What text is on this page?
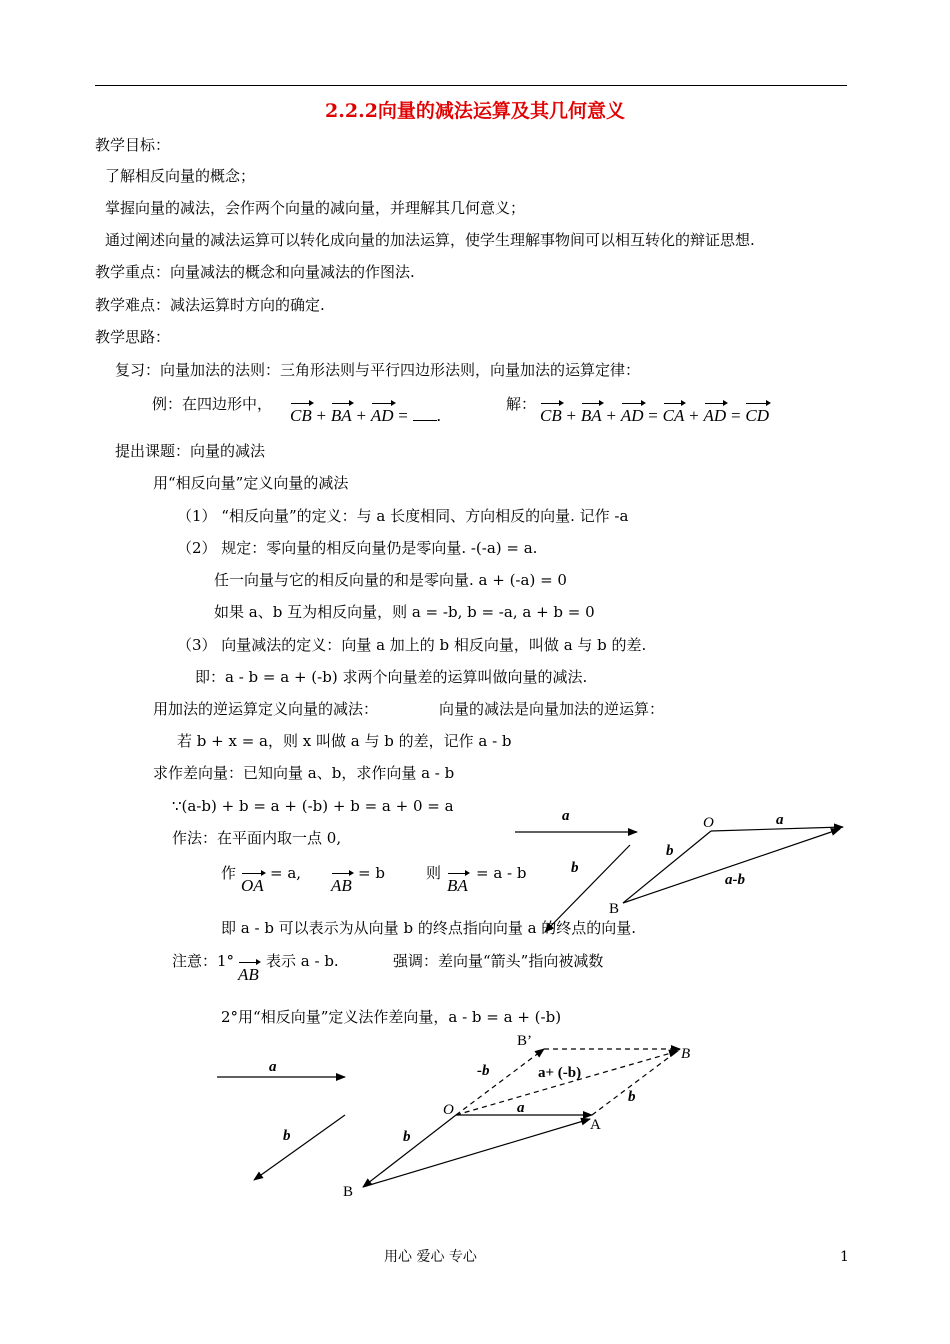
2.2.2向量的减法运算及其几何意义
教学目标：
了解相反向量的概念；
掌握向量的减法，会作两个向量的减向量，并理解其几何意义；
通过阐述向量的减法运算可以转化成向量的加法运算，使学生理解事物间可以相互转化的辩证思想.
教学重点：向量减法的概念和向量减法的作图法.
教学难点：减法运算时方向的确定.
教学思路：
复习：向量加法的法则：三角形法则与平行四边形法则，向量加法的运算定律：
例：在四边形中，
CB + BA + AD = .
解：
CB + BA + AD = CA + AD = CD
提出课题：向量的减法
用“相反向量”定义向量的减法
（1） “相反向量”的定义：与 a 长度相同、方向相反的向量. 记作 -a
（2） 规定：零向量的相反向量仍是零向量. -(-a) = a.
任一向量与它的相反向量的和是零向量. a + (-a) = 0
如果 a、b 互为相反向量，则 a = -b, b = -a, a + b = 0
（3） 向量减法的定义：向量 a 加上的 b 相反向量，叫做 a 与 b 的差.
即：a - b = a + (-b) 求两个向量差的运算叫做向量的减法.
用加法的逆运算定义向量的减法：	向量的减法是向量加法的逆运算：
若 b + x = a，则 x 叫做 a 与 b 的差，记作 a - b
求作差向量：已知向量 a、b，求作向量 a - b
∵(a-b) + b = a + (-b) + b = a + 0 = a
作法：在平面内取一点 0,
作
OA
= a,
AB
= b	则
BA
= a - b
即 a - b 可以表示为从向量 b 的终点指向向量 a 的终点的向量.
注意：1°
AB
表示 a - b.	强调：差向量“箭头”指向被减数
2°用“相反向量”定义法作差向量，a - b = a + (-b)
a
b
O	a
b
a-b
B
a
b
B’
B
-b	a+ (-b)
O	a
b
A
b
B
用心 爱心 专心	1
